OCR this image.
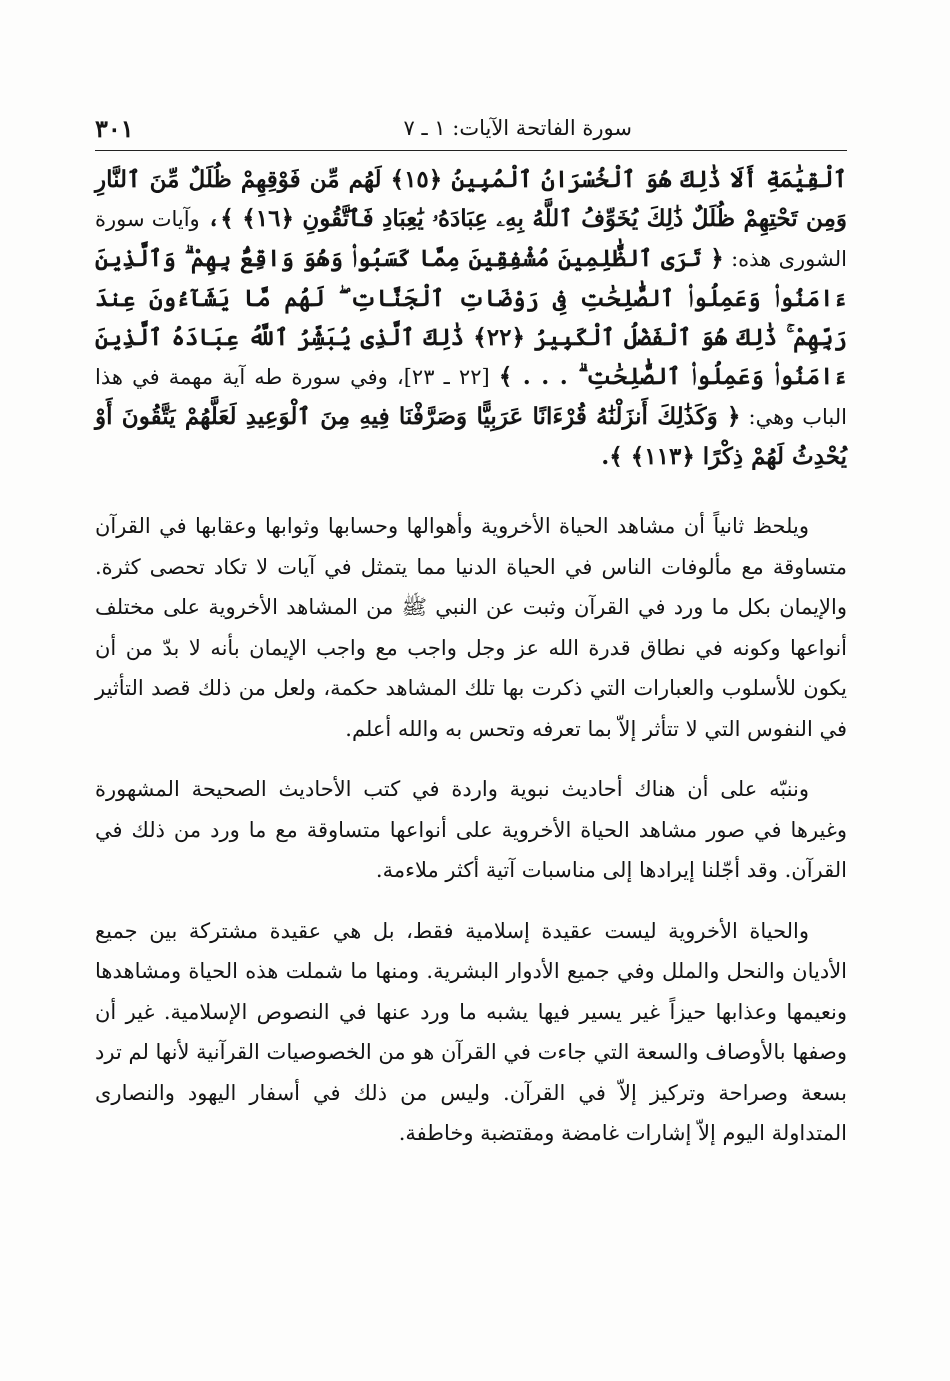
سورة الفاتحة الآيات: ١ ـ ٧
٣٠١

ٱلْقِيَٰمَةِ أَلَا ذَٰلِكَ هُوَ ٱلْخُسْرَانُ ٱلْمُبِينُ ﴿١٥﴾ لَهُم مِّن فَوْقِهِمْ ظُلَلٌ مِّنَ ٱلنَّارِ وَمِن تَحْتِهِمْ ظُلَلٌ ذَٰلِكَ يُخَوِّفُ ٱللَّهُ بِهِۦ عِبَادَهُۥ يَٰعِبَادِ فَٱتَّقُونِ ﴿١٦﴾ ﴾، وآيات سورة الشورى هذه: ﴿ تَرَى ٱلظَّٰلِمِينَ مُشْفِقِينَ مِمَّا كَسَبُوا۟ وَهُوَ وَاقِعٌۢ بِهِمْ ۗ وَٱلَّذِينَ ءَامَنُوا۟ وَعَمِلُوا۟ ٱلصَّٰلِحَٰتِ فِى رَوْضَاتِ ٱلْجَنَّاتِ ۖ لَهُم مَّا يَشَآءُونَ عِندَ رَبِّهِمْ ۚ ذَٰلِكَ هُوَ ٱلْفَضْلُ ٱلْكَبِيرُ ﴿٢٢﴾ ذَٰلِكَ ٱلَّذِى يُبَشِّرُ ٱللَّهُ عِبَادَهُ ٱلَّذِينَ ءَامَنُوا۟ وَعَمِلُوا۟ ٱلصَّٰلِحَٰتِ ۗ . . . ﴾ [٢٢ ـ ٢٣]، وفي سورة طه آية مهمة في هذا الباب وهي: ﴿ وَكَذَٰلِكَ أَنزَلْنَٰهُ قُرْءَانًا عَرَبِيًّا وَصَرَّفْنَا فِيهِ مِنَ ٱلْوَعِيدِ لَعَلَّهُمْ يَتَّقُونَ أَوْ يُحْدِثُ لَهُمْ ذِكْرًا ﴿١١٣﴾ ﴾.

ويلحظ ثانياً أن مشاهد الحياة الأخروية وأهوالها وحسابها وثوابها وعقابها في القرآن متساوقة مع مألوفات الناس في الحياة الدنيا مما يتمثل في آيات لا تكاد تحصى كثرة. والإيمان بكل ما ورد في القرآن وثبت عن النبي ﷺ من المشاهد الأخروية على مختلف أنواعها وكونه في نطاق قدرة الله عز وجل واجب مع واجب الإيمان بأنه لا بدّ من أن يكون للأسلوب والعبارات التي ذكرت بها تلك المشاهد حكمة، ولعل من ذلك قصد التأثير في النفوس التي لا تتأثر إلاّ بما تعرفه وتحس به والله أعلم.

وننبّه على أن هناك أحاديث نبوية واردة في كتب الأحاديث الصحيحة المشهورة وغيرها في صور مشاهد الحياة الأخروية على أنواعها متساوقة مع ما ورد من ذلك في القرآن. وقد أجّلنا إيرادها إلى مناسبات آتية أكثر ملاءمة.

والحياة الأخروية ليست عقيدة إسلامية فقط، بل هي عقيدة مشتركة بين جميع الأديان والنحل والملل وفي جميع الأدوار البشرية. ومنها ما شملت هذه الحياة ومشاهدها ونعيمها وعذابها حيزاً غير يسير فيها يشبه ما ورد عنها في النصوص الإسلامية. غير أن وصفها بالأوصاف والسعة التي جاءت في القرآن هو من الخصوصيات القرآنية لأنها لم ترد بسعة وصراحة وتركيز إلاّ في القرآن. وليس من ذلك في أسفار اليهود والنصارى المتداولة اليوم إلاّ إشارات غامضة ومقتضبة وخاطفة.
